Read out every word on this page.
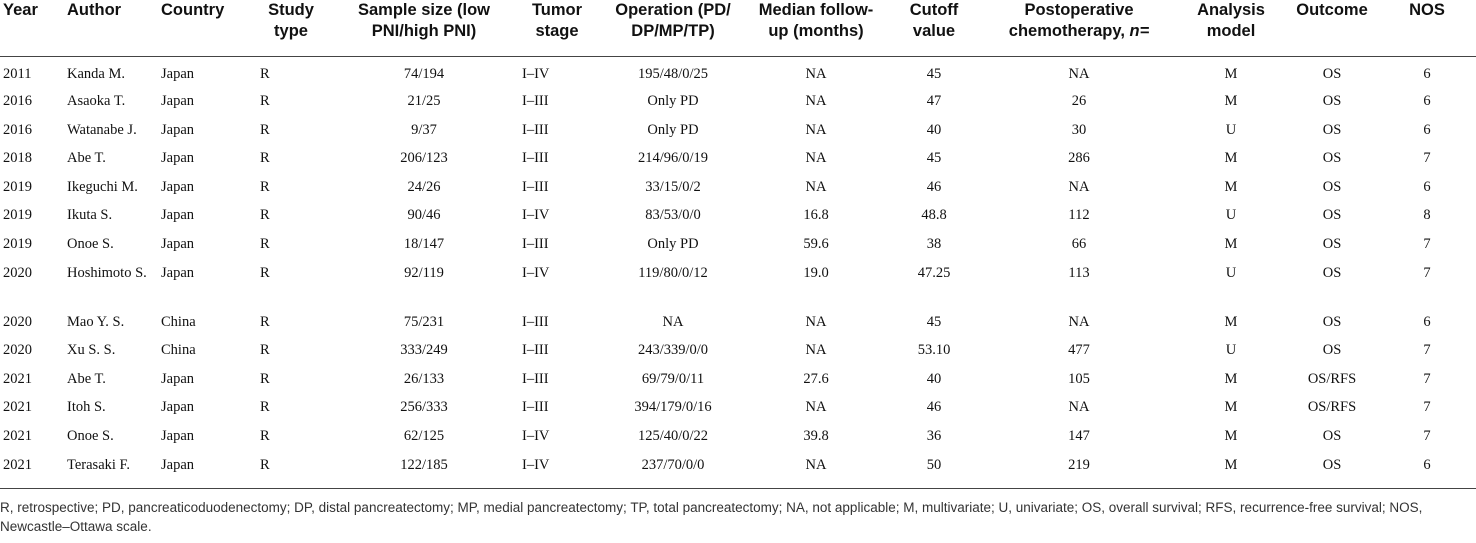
Year	Author	Country	Study type	Sample size (low PNI/high PNI)	Tumor stage	Operation (PD/ DP/MP/TP)	Median follow-up (months)	Cutoff value	Postoperative chemotherapy, n=	Analysis model	Outcome	NOS
2011	Kanda M.	Japan	R	74/194	I–IV	195/48/0/25	NA	45	NA	M	OS	6
2016	Asaoka T.	Japan	R	21/25	I–III	Only PD	NA	47	26	M	OS	6
2016	Watanabe J.	Japan	R	9/37	I–III	Only PD	NA	40	30	U	OS	6
2018	Abe T.	Japan	R	206/123	I–III	214/96/0/19	NA	45	286	M	OS	7
2019	Ikeguchi M.	Japan	R	24/26	I–III	33/15/0/2	NA	46	NA	M	OS	6
2019	Ikuta S.	Japan	R	90/46	I–IV	83/53/0/0	16.8	48.8	112	U	OS	8
2019	Onoe S.	Japan	R	18/147	I–III	Only PD	59.6	38	66	M	OS	7
2020	Hoshimoto S.	Japan	R	92/119	I–IV	119/80/0/12	19.0	47.25	113	U	OS	7
2020	Mao Y. S.	China	R	75/231	I–III	NA	NA	45	NA	M	OS	6
2020	Xu S. S.	China	R	333/249	I–III	243/339/0/0	NA	53.10	477	U	OS	7
2021	Abe T.	Japan	R	26/133	I–III	69/79/0/11	27.6	40	105	M	OS/RFS	7
2021	Itoh S.	Japan	R	256/333	I–III	394/179/0/16	NA	46	NA	M	OS/RFS	7
2021	Onoe S.	Japan	R	62/125	I–IV	125/40/0/22	39.8	36	147	M	OS	7
2021	Terasaki F.	Japan	R	122/185	I–IV	237/70/0/0	NA	50	219	M	OS	6
R, retrospective; PD, pancreaticoduodenectomy; DP, distal pancreatectomy; MP, medial pancreatectomy; TP, total pancreatectomy; NA, not applicable; M, multivariate; U, univariate; OS, overall survival; RFS, recurrence-free survival; NOS, Newcastle–Ottawa scale.
